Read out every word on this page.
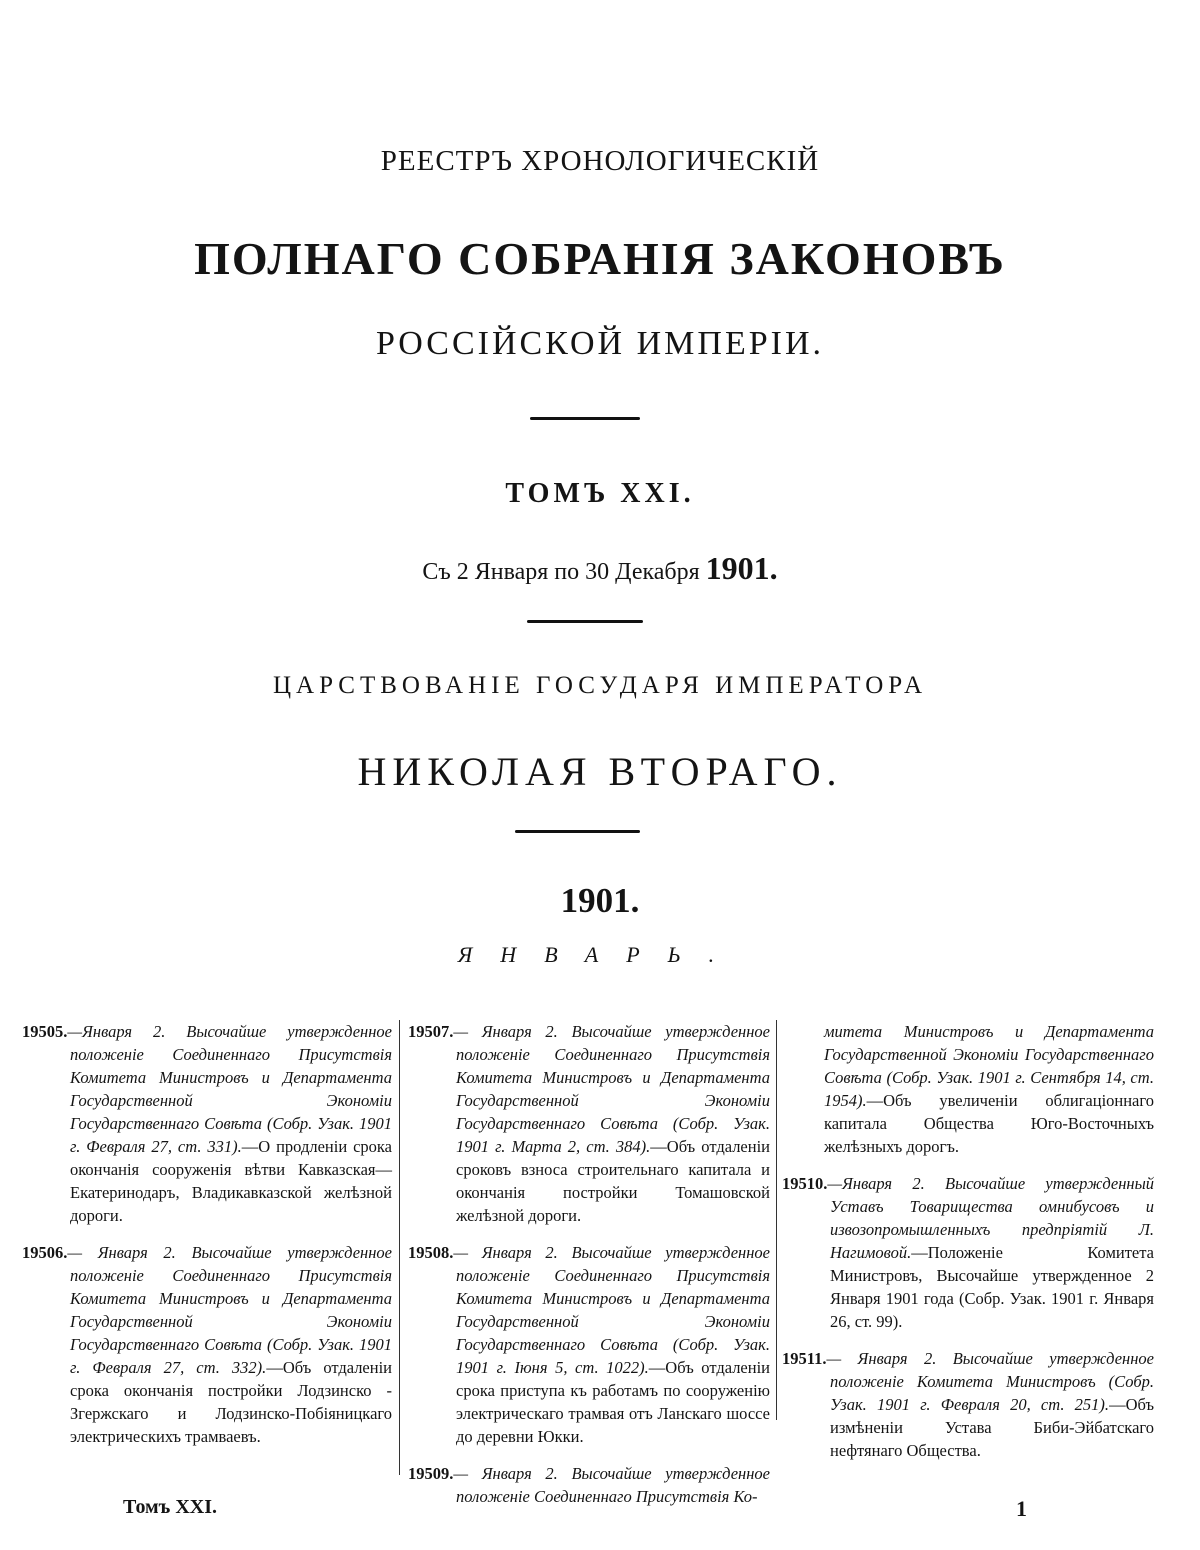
РЕЕСТРЪ ХРОНОЛОГИЧЕСКІЙ
ПОЛНАГО СОБРАНІЯ ЗАКОНОВЪ
РОССІЙСКОЙ ИМПЕРІИ.
ТОМЪ XXI.
Съ 2 Января по 30 Декабря 1901.
ЦАРСТВОВАНІЕ ГОСУДАРЯ ИМПЕРАТОРА
НИКОЛАЯ ВТОРАГО.
1901.
ЯНВАРЬ.
19505.—Января 2. Высочайше утвержденное положеніе Соединеннаго Присутствія Комитета Министровъ и Департамента Государственной Экономіи Государственнаго Совѣта (Собр. Узак. 1901 г. Февраля 27, ст. 331).—О продленіи срока окончанія сооруженія вѣтви Кавказская—Екатеринодаръ, Владикавказской желѣзной дороги.
19506.— Января 2. Высочайше утвержденное положеніе Соединеннаго Присутствія Комитета Министровъ и Департамента Государственной Экономіи Государственнаго Совѣта (Собр. Узак. 1901 г. Февраля 27, ст. 332).—Объ отдаленіи срока окончанія постройки Лодзинско - Згержскаго и Лодзинско-Побіяницкаго электрическихъ трамваевъ.
19507.— Января 2. Высочайше утвержденное положеніе Соединеннаго Присутствія Комитета Министровъ и Департамента Государственной Экономіи Государственнаго Совѣта (Собр. Узак. 1901 г. Марта 2, ст. 384).—Объ отдаленіи сроковъ взноса строительнаго капитала и окончанія постройки Томашовской желѣзной дороги.
19508.— Января 2. Высочайше утвержденное положеніе Соединеннаго Присутствія Комитета Министровъ и Департамента Государственной Экономіи Государственнаго Совѣта (Собр. Узак. 1901 г. Іюня 5, ст. 1022).—Объ отдаленіи срока приступа къ работамъ по сооруженію электрическаго трамвая отъ Ланскаго шоссе до деревни Юкки.
19509.— Января 2. Высочайше утвержденное положеніе Соединеннаго Присутствія Ко-
митета Министровъ и Департамента Государственной Экономіи Государственнаго Совѣта (Собр. Узак. 1901 г. Сентября 14, ст. 1954).—Объ увеличеніи облигаціоннаго капитала Общества Юго-Восточныхъ желѣзныхъ дорогъ.
19510.—Января 2. Высочайше утвержденный Уставъ Товарищества омнибусовъ и извозопромышленныхъ предпріятій Л. Нагимовой.—Положеніе Комитета Министровъ, Высочайше утвержденное 2 Января 1901 года (Собр. Узак. 1901 г. Января 26, ст. 99).
19511.— Января 2. Высочайше утвержденное положеніе Комитета Министровъ (Собр. Узак. 1901 г. Февраля 20, ст. 251).—Объ измѣненіи Устава Биби-Эйбатскаго нефтянаго Общества.
Томъ XXI.	1
